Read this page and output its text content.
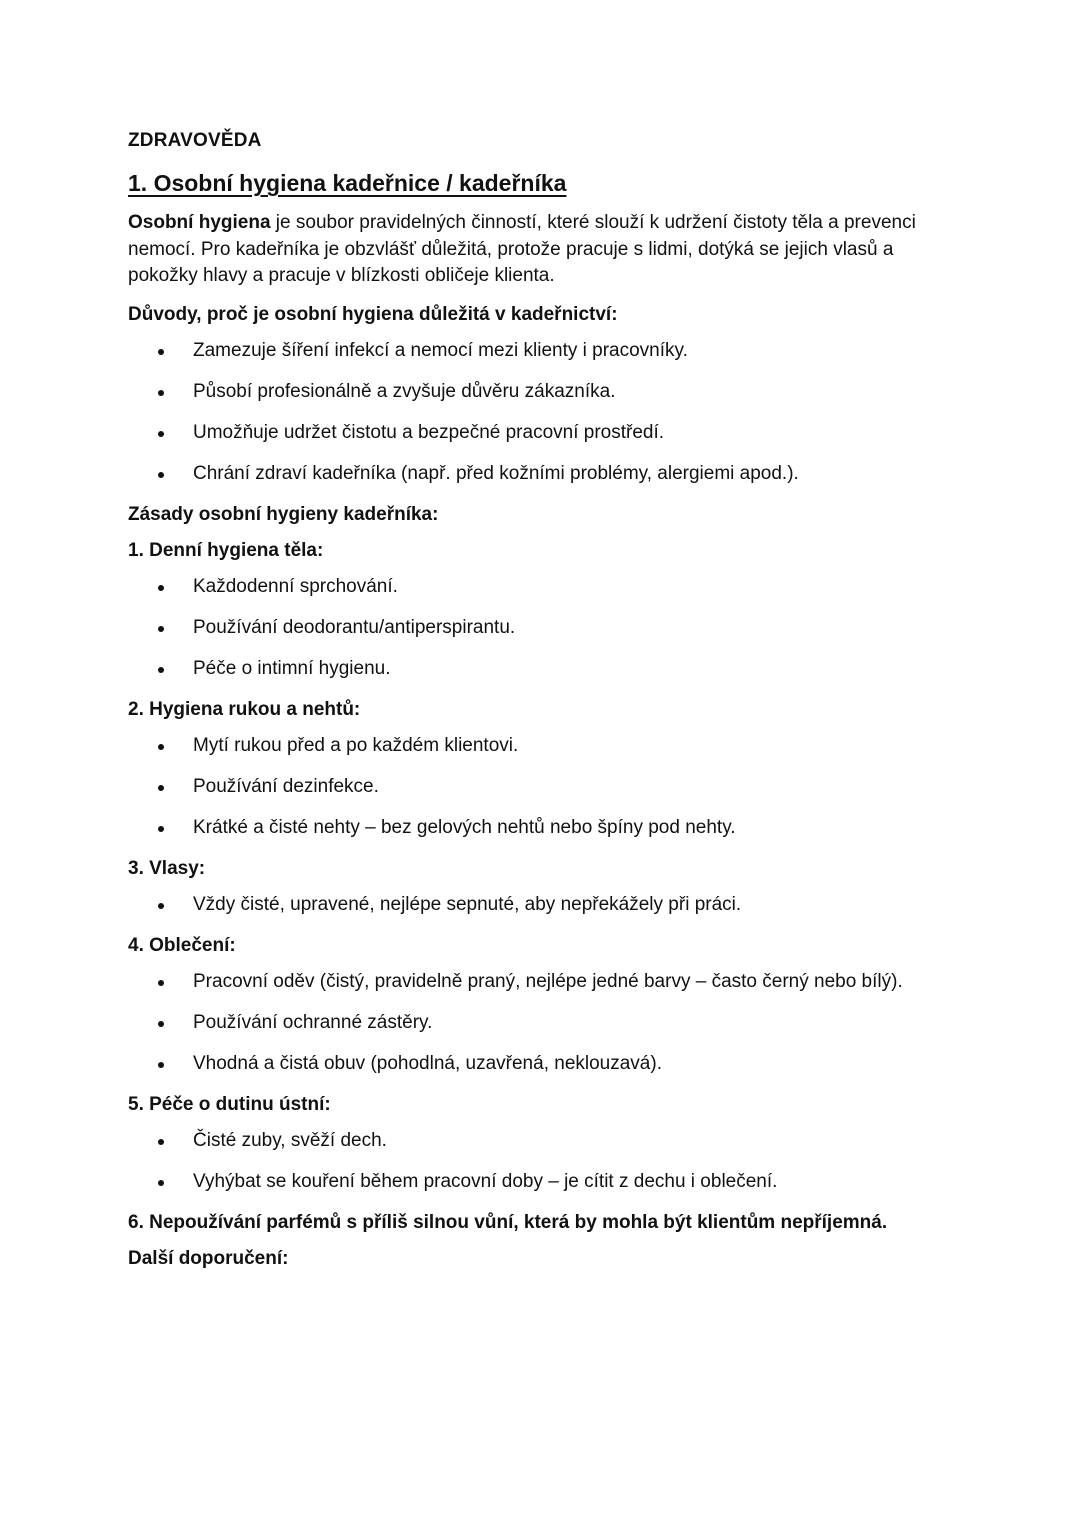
ZDRAVOVĚDA
1. Osobní hygiena kadeřnice / kadeřníka

Osobní hygiena je soubor pravidelných činností, které slouží k udržení čistoty těla a prevenci nemocí. Pro kadeřníka je obzvlášť důležitá, protože pracuje s lidmi, dotýká se jejich vlasů a pokožky hlavy a pracuje v blízkosti obličeje klienta.

Důvody, proč je osobní hygiena důležitá v kadeřnictví:
Zamezuje šíření infekcí a nemocí mezi klienty i pracovníky.
Působí profesionálně a zvyšuje důvěru zákazníka.
Umožňuje udržet čistotu a bezpečné pracovní prostředí.
Chrání zdraví kadeřníka (např. před kožními problémy, alergiemi apod.).
Zásady osobní hygieny kadeřníka:
1. Denní hygiena těla:
Každodenní sprchování.
Používání deodorantu/antiperspirantu.
Péče o intimní hygienu.
2. Hygiena rukou a nehtů:
Mytí rukou před a po každém klientovi.
Používání dezinfekce.
Krátké a čisté nehty – bez gelových nehtů nebo špíny pod nehty.
3. Vlasy:
Vždy čisté, upravené, nejlépe sepnuté, aby nepřekážely při práci.
4. Oblečení:
Pracovní oděv (čistý, pravidelně praný, nejlépe jedné barvy – často černý nebo bílý).
Používání ochranné zástěry.
Vhodná a čistá obuv (pohodlná, uzavřená, neklouzavá).
5. Péče o dutinu ústní:
Čisté zuby, svěží dech.
Vyhýbat se kouření během pracovní doby – je cítit z dechu i oblečení.
6. Nepoužívání parfémů s příliš silnou vůní, která by mohla být klientům nepříjemná.
Další doporučení:
